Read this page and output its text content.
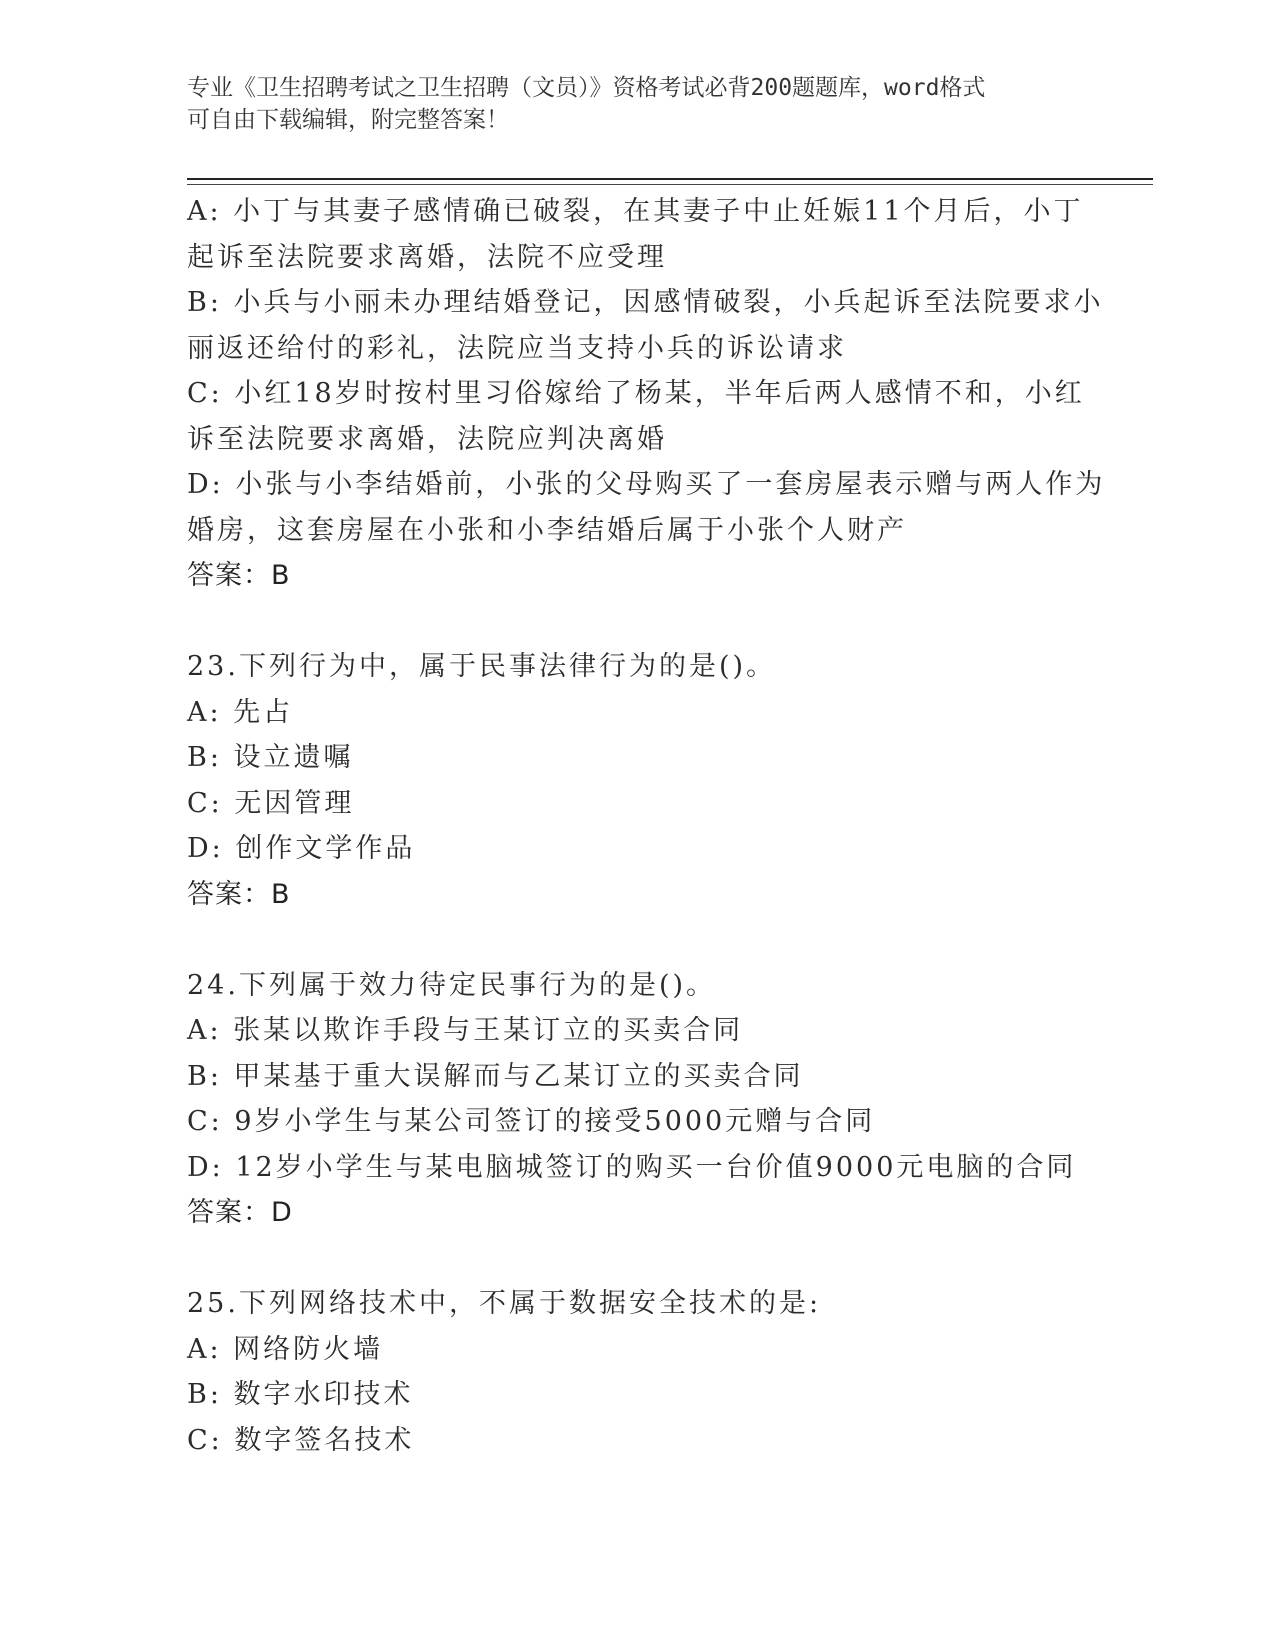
专业《卫生招聘考试之卫生招聘（文员）》资格考试必背200题题库，word格式
可自由下载编辑，附完整答案！
A: 小丁与其妻子感情确已破裂，在其妻子中止妊娠11个月后，小丁
起诉至法院要求离婚，法院不应受理
B: 小兵与小丽未办理结婚登记，因感情破裂，小兵起诉至法院要求小
丽返还给付的彩礼，法院应当支持小兵的诉讼请求
C: 小红18岁时按村里习俗嫁给了杨某，半年后两人感情不和，小红
诉至法院要求离婚，法院应判决离婚
D: 小张与小李结婚前，小张的父母购买了一套房屋表示赠与两人作为
婚房，这套房屋在小张和小李结婚后属于小张个人财产
答案：B
23.下列行为中，属于民事法律行为的是()。
A: 先占
B: 设立遗嘱
C: 无因管理
D: 创作文学作品
答案：B
24.下列属于效力待定民事行为的是()。
A: 张某以欺诈手段与王某订立的买卖合同
B: 甲某基于重大误解而与乙某订立的买卖合同
C: 9岁小学生与某公司签订的接受5000元赠与合同
D: 12岁小学生与某电脑城签订的购买一台价值9000元电脑的合同
答案：D
25.下列网络技术中，不属于数据安全技术的是:
A: 网络防火墙
B: 数字水印技术
C: 数字签名技术
